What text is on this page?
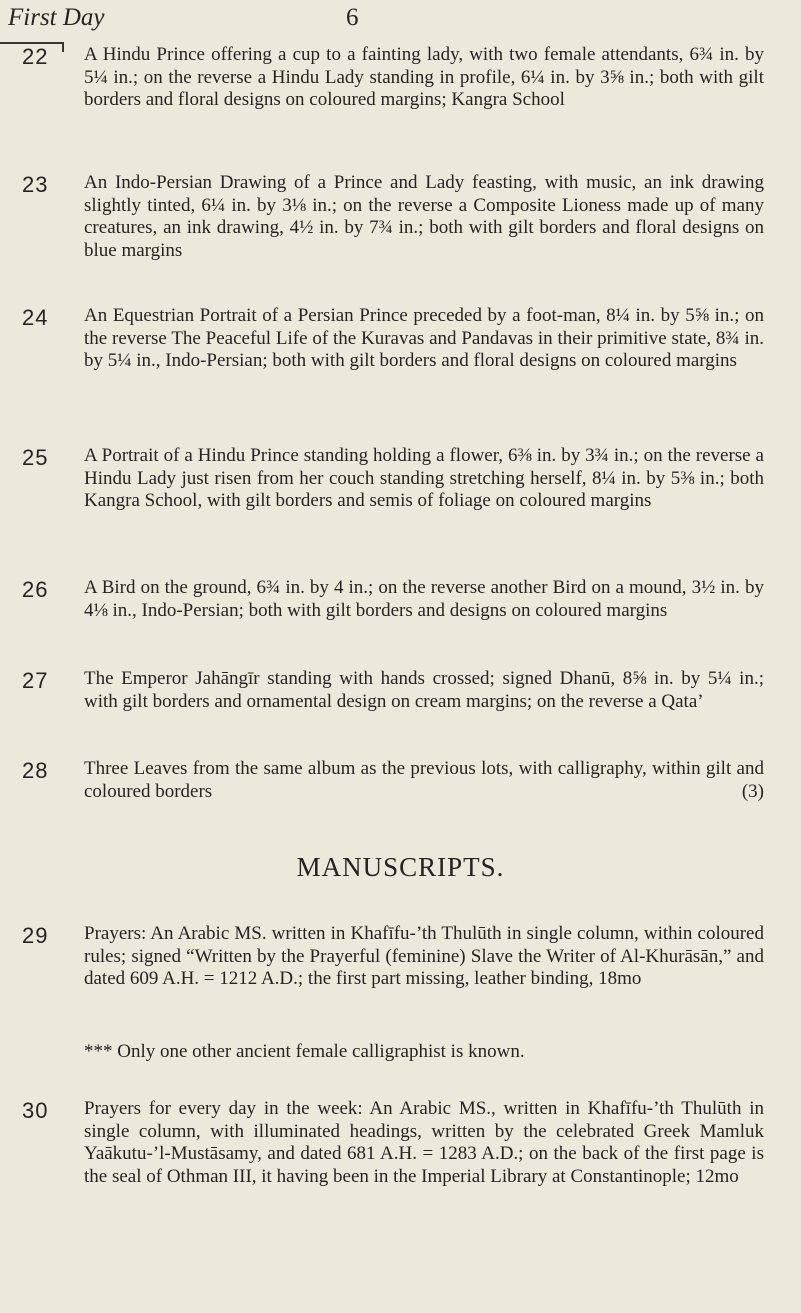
First Day	6
22 A Hindu Prince offering a cup to a fainting lady, with two female attendants, 6¾ in. by 5¼ in.; on the reverse a Hindu Lady standing in profile, 6¼ in. by 3⅝ in.; both with gilt borders and floral designs on coloured margins; Kangra School
23 An Indo-Persian Drawing of a Prince and Lady feasting, with music, an ink drawing slightly tinted, 6¼ in. by 3⅛ in.; on the reverse a Composite Lioness made up of many creatures, an ink drawing, 4½ in. by 7¾ in.; both with gilt borders and floral designs on blue margins
24 An Equestrian Portrait of a Persian Prince preceded by a foot-man, 8¼ in. by 5⅝ in.; on the reverse The Peaceful Life of the Kuravas and Pandavas in their primitive state, 8¾ in. by 5¼ in., Indo-Persian; both with gilt borders and floral designs on coloured margins
25 A Portrait of a Hindu Prince standing holding a flower, 6⅜ in. by 3¾ in.; on the reverse a Hindu Lady just risen from her couch standing stretching herself, 8¼ in. by 5⅜ in.; both Kangra School, with gilt borders and semis of foliage on coloured margins
26 A Bird on the ground, 6¾ in. by 4 in.; on the reverse another Bird on a mound, 3½ in. by 4⅛ in., Indo-Persian; both with gilt borders and designs on coloured margins
27 The Emperor Jahāngīr standing with hands crossed; signed Dhanū, 8⅝ in. by 5¼ in.; with gilt borders and ornamental design on cream margins; on the reverse a Qata’
28 Three Leaves from the same album as the previous lots, with calligraphy, within gilt and coloured borders	(3)
MANUSCRIPTS.
29 Prayers: An Arabic MS. written in Khafīfu-’th Thulūth in single column, within coloured rules; signed “Written by the Prayerful (feminine) Slave the Writer of Al-Khurāsān,” and dated 609 A.H. = 1212 A.D.; the first part missing, leather binding, 18mo
*** Only one other ancient female calligraphist is known.
30 Prayers for every day in the week: An Arabic MS., written in Khafīfu-’th Thulūth in single column, with illuminated headings, written by the celebrated Greek Mamluk Yaākutu-’l-Mustāsamy, and dated 681 A.H. = 1283 A.D.; on the back of the first page is the seal of Othman III, it having been in the Imperial Library at Constantinople; 12mo
